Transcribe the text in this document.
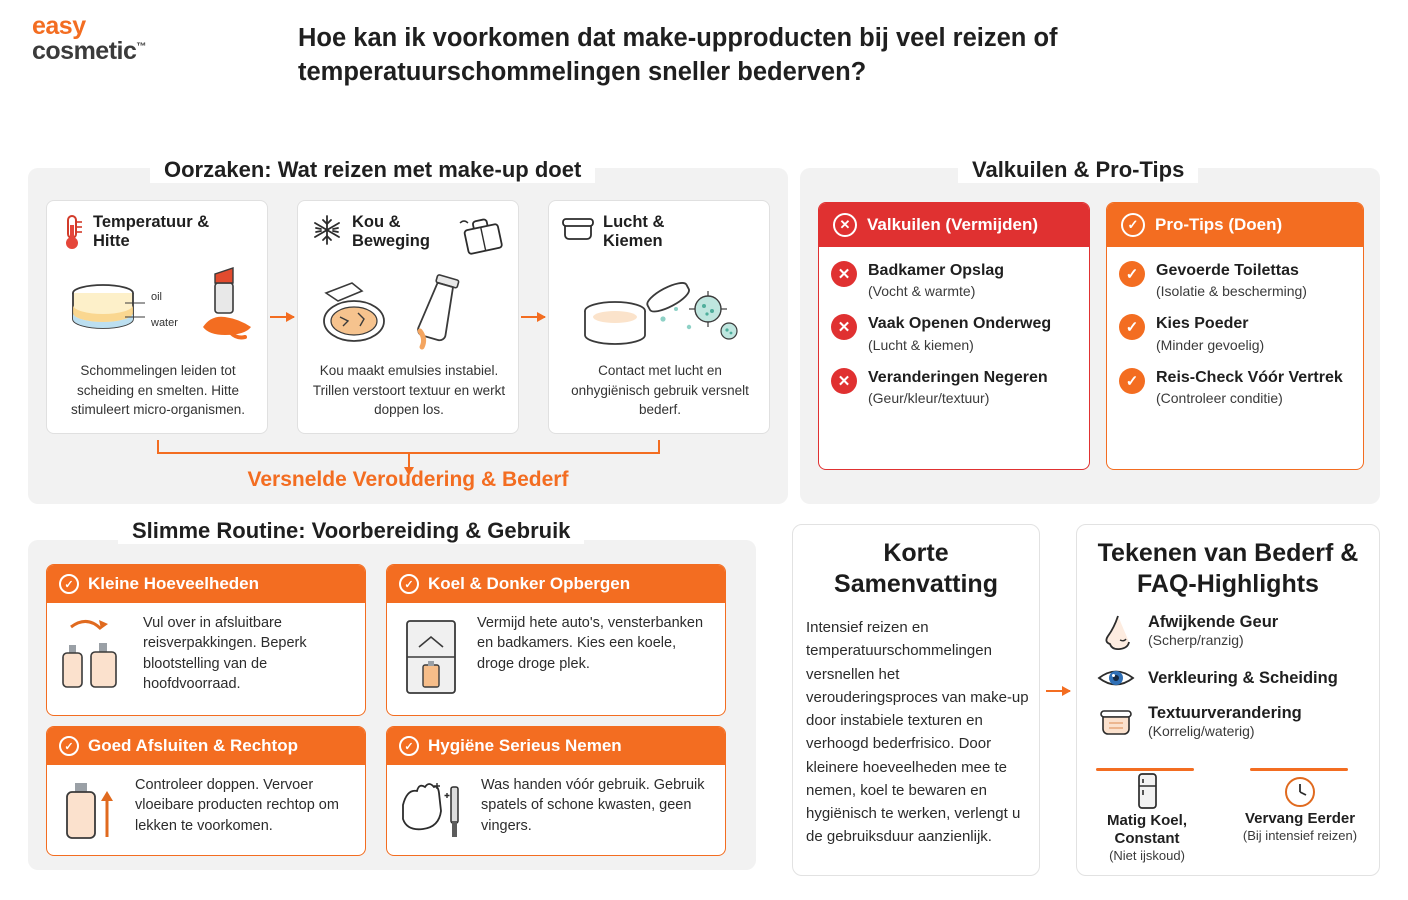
easy
cosmetic™	Hoe kan ik voorkomen dat make-upproducten bij veel reizen of temperatuurschommelingen sneller bederven?
Oorzaken: Wat reizen met make-up doet
Temperatuur & Hitte
oil
water
Schommelingen leiden tot scheiding en smelten. Hitte stimuleert micro-organismen.
Kou & Beweging
Kou maakt emulsies instabiel. Trillen verstoort textuur en werkt doppen los.
Lucht & Kiemen
Contact met lucht en onhygiënisch gebruik versnelt bederf.
Versnelde Veroudering & Bederf
Valkuilen & Pro-Tips
✕ Valkuilen (Vermijden)
✕	Badkamer Opslag
(Vocht & warmte)
✕	Vaak Openen Onderweg
(Lucht & kiemen)
✕	Veranderingen Negeren
(Geur/kleur/textuur)
✓ Pro-Tips (Doen)
✓	Gevoerde Toilettas
(Isolatie & bescherming)
✓	Kies Poeder
(Minder gevoelig)
✓	Reis-Check Vóór Vertrek
(Controleer conditie)
Slimme Routine: Voorbereiding & Gebruik
✓ Kleine Hoeveelheden
Vul over in afsluitbare reisverpakkingen. Beperk blootstelling van de hoofdvoorraad.
✓ Koel & Donker Opbergen
Vermijd hete auto's, vensterbanken en badkamers. Kies een koele, droge droge plek.
✓ Goed Afsluiten & Rechtop
Controleer doppen. Vervoer vloeibare producten rechtop om lekken te voorkomen.
✓ Hygiëne Serieus Nemen
Was handen vóór gebruik. Gebruik spatels of schone kwasten, geen vingers.
Korte Samenvatting
Intensief reizen en temperatuurschommelingen versnellen het verouderingsproces van make-up door instabiele texturen en verhoogd bederfrisico. Door kleinere hoeveelheden mee te nemen, koel te bewaren en hygiënisch te werken, verlengt u de gebruiksduur aanzienlijk.
Tekenen van Bederf & FAQ-Highlights
Afwijkende Geur
(Scherp/ranzig)
Verkleuring & Scheiding
Textuurverandering
(Korrelig/waterig)
Matig Koel, Constant
(Niet ijskoud)
Vervang Eerder
(Bij intensief reizen)
